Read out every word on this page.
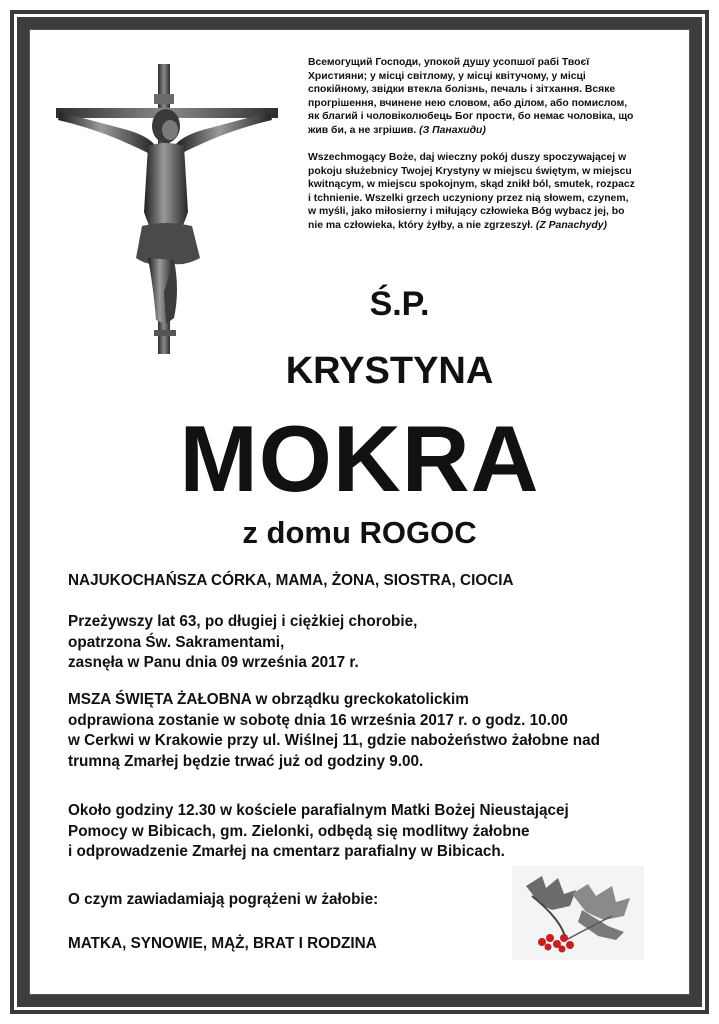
Всемогущий Господи, упокой душу усопшої рабі Твоєї Християни; у місці світлому, у місці квітучому, у місці спокійному, звідки втекла болізнь, печаль і зітхання. Всяке прогрішення, вчинене нею словом, або ділом, або помислом, як благий і чоловіколюбець Бог прости, бо немає чоловіка, що жив би, а не згрішив. (З Панахиди)
Wszechmogący Boże, daj wieczny pokój duszy spoczywającej w pokoju służebnicy Twojej Krystyny w miejscu świętym, w miejscu kwitnącym, w miejscu spokojnym, skąd znikł ból, smutek, rozpacz i tchnienie. Wszelki grzech uczyniony przez nią słowem, czynem, w myśli, jako miłosierny i miłujący człowieka Bóg wybacz jej, bo nie ma człowieka, który żyłby, a nie zgrzeszył. (Z Panachydy)
Ś.P.
KRYSTYNA
MOKRA
z domu ROGOC
NAJUKOCHAŃSZA CÓRKA, MAMA, ŻONA, SIOSTRA, CIOCIA
Przeżywszy lat 63, po długiej i ciężkiej chorobie,
opatrzona Św. Sakramentami,
zasnęła w Panu dnia 09 września 2017 r.
MSZA ŚWIĘTA ŻAŁOBNA w obrządku greckokatolickim
odprawiona zostanie w sobotę dnia 16 września 2017 r. o godz. 10.00
w Cerkwi w Krakowie przy ul. Wiślnej 11, gdzie nabożeństwo żałobne nad
trumną Zmarłej będzie trwać już od godziny 9.00.
Około godziny 12.30 w kościele parafialnym Matki Bożej Nieustającej
Pomocy w Bibicach, gm. Zielonki, odbędą się modlitwy żałobne
i odprowadzenie Zmarłej na cmentarz parafialny w Bibicach.
O czym zawiadamiają pogrążeni w żałobie:
MATKA, SYNOWIE, MĄŻ, BRAT I RODZINA
